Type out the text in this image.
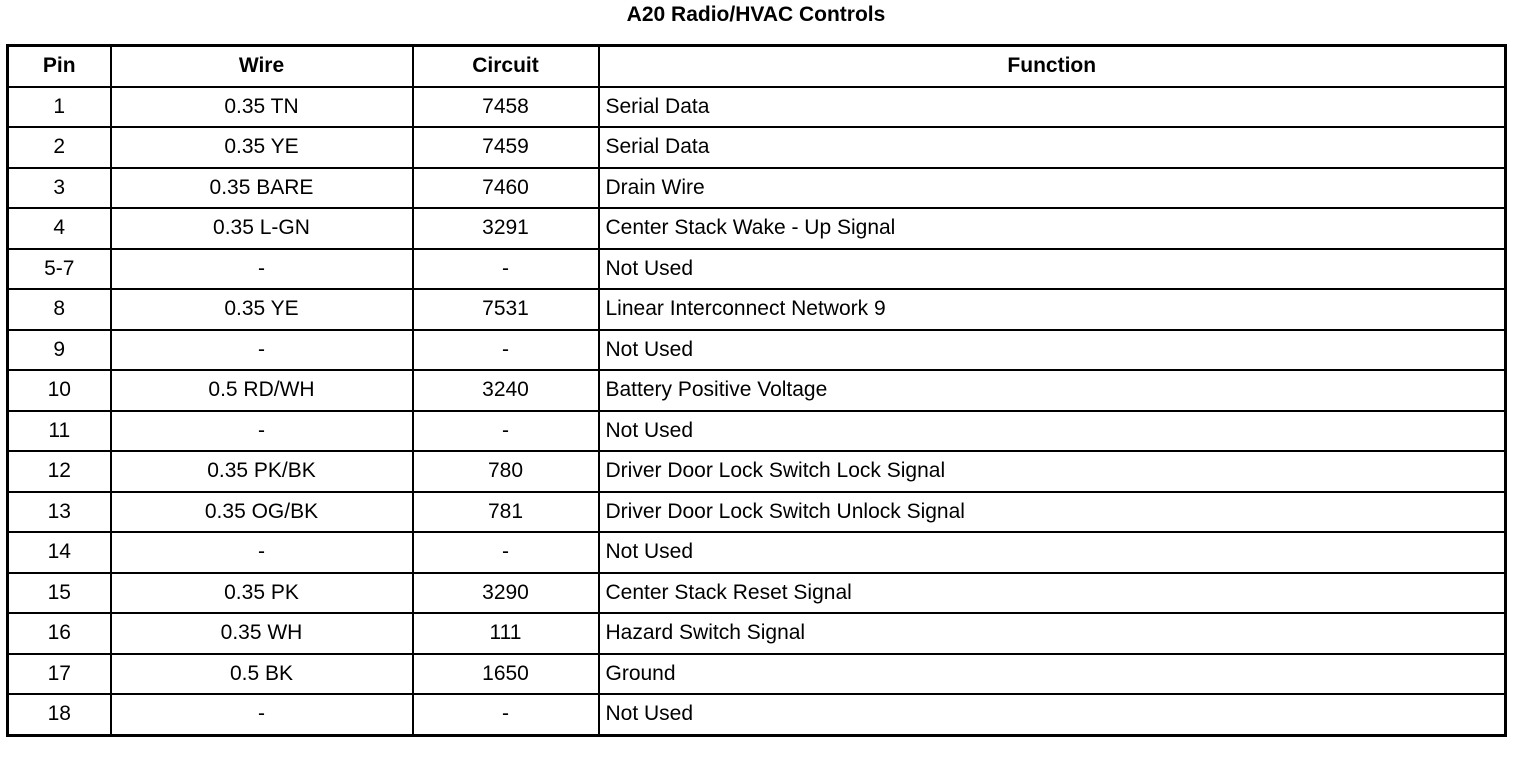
A20 Radio/HVAC Controls
Pin	Wire	Circuit	Function
1	0.35 TN	7458	Serial Data
2	0.35 YE	7459	Serial Data
3	0.35 BARE	7460	Drain Wire
4	0.35 L-GN	3291	Center Stack Wake - Up Signal
5-7	-	-	Not Used
8	0.35 YE	7531	Linear Interconnect Network 9
9	-	-	Not Used
10	0.5 RD/WH	3240	Battery Positive Voltage
11	-	-	Not Used
12	0.35 PK/BK	780	Driver Door Lock Switch Lock Signal
13	0.35 OG/BK	781	Driver Door Lock Switch Unlock Signal
14	-	-	Not Used
15	0.35 PK	3290	Center Stack Reset Signal
16	0.35 WH	111	Hazard Switch Signal
17	0.5 BK	1650	Ground
18	-	-	Not Used
